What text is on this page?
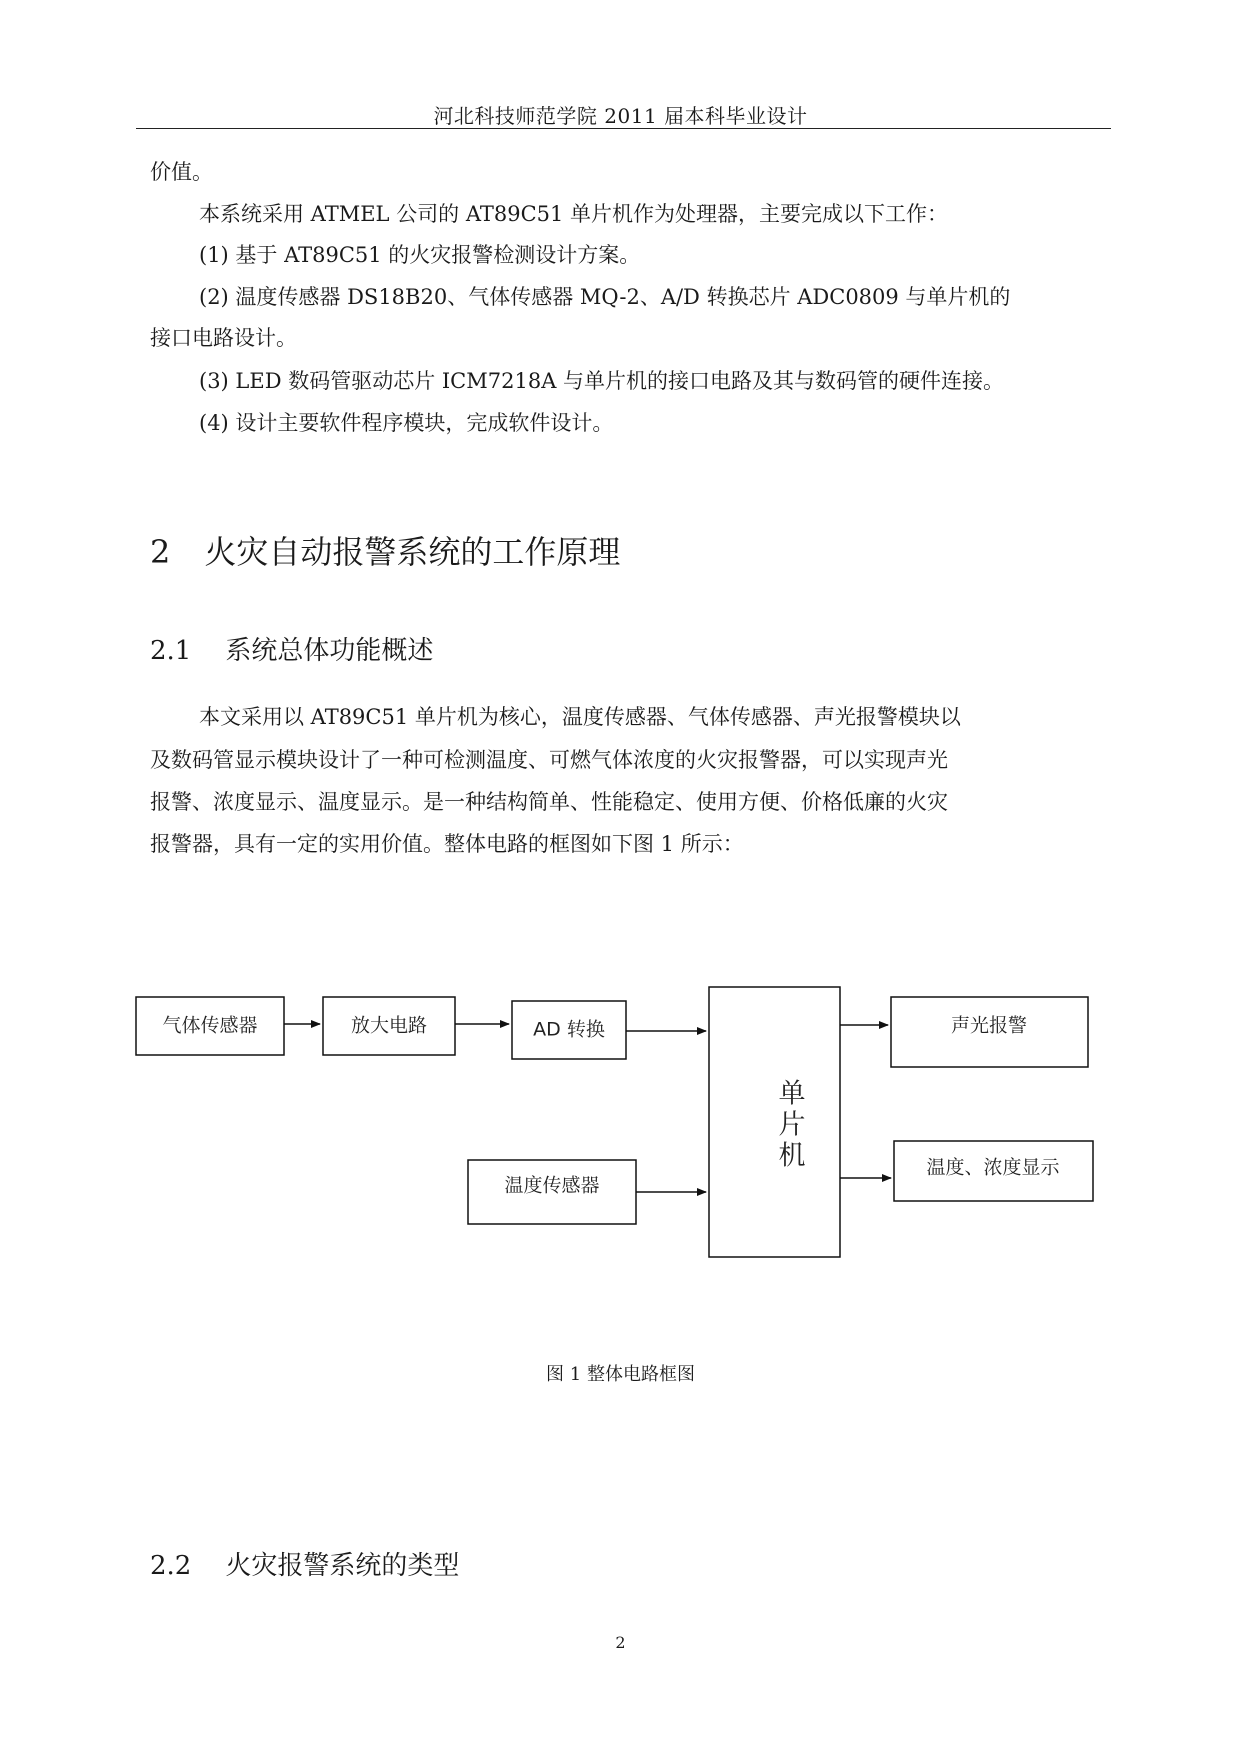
河北科技师范学院 2011 届本科毕业设计
价值。
本系统采用 ATMEL 公司的 AT89C51 单片机作为处理器，主要完成以下工作：
(1) 基于 AT89C51 的火灾报警检测设计方案。
(2) 温度传感器 DS18B20、气体传感器 MQ-2、A/D 转换芯片 ADC0809 与单片机的
接口电路设计。
(3) LED 数码管驱动芯片 ICM7218A 与单片机的接口电路及其与数码管的硬件连接。
(4) 设计主要软件程序模块，完成软件设计。
2 火灾自动报警系统的工作原理
2.1 系统总体功能概述
本文采用以 AT89C51 单片机为核心，温度传感器、气体传感器、声光报警模块以
及数码管显示模块设计了一种可检测温度、可燃气体浓度的火灾报警器，可以实现声光
报警、浓度显示、温度显示。是一种结构简单、性能稳定、使用方便、价格低廉的火灾
报警器，具有一定的实用价值。整体电路的框图如下图 1 所示：
气体传感器	放大电路	AD 转换
单
片
机
声光报警
温度传感器
温度、浓度显示
图 1 整体电路框图
2.2 火灾报警系统的类型
2
